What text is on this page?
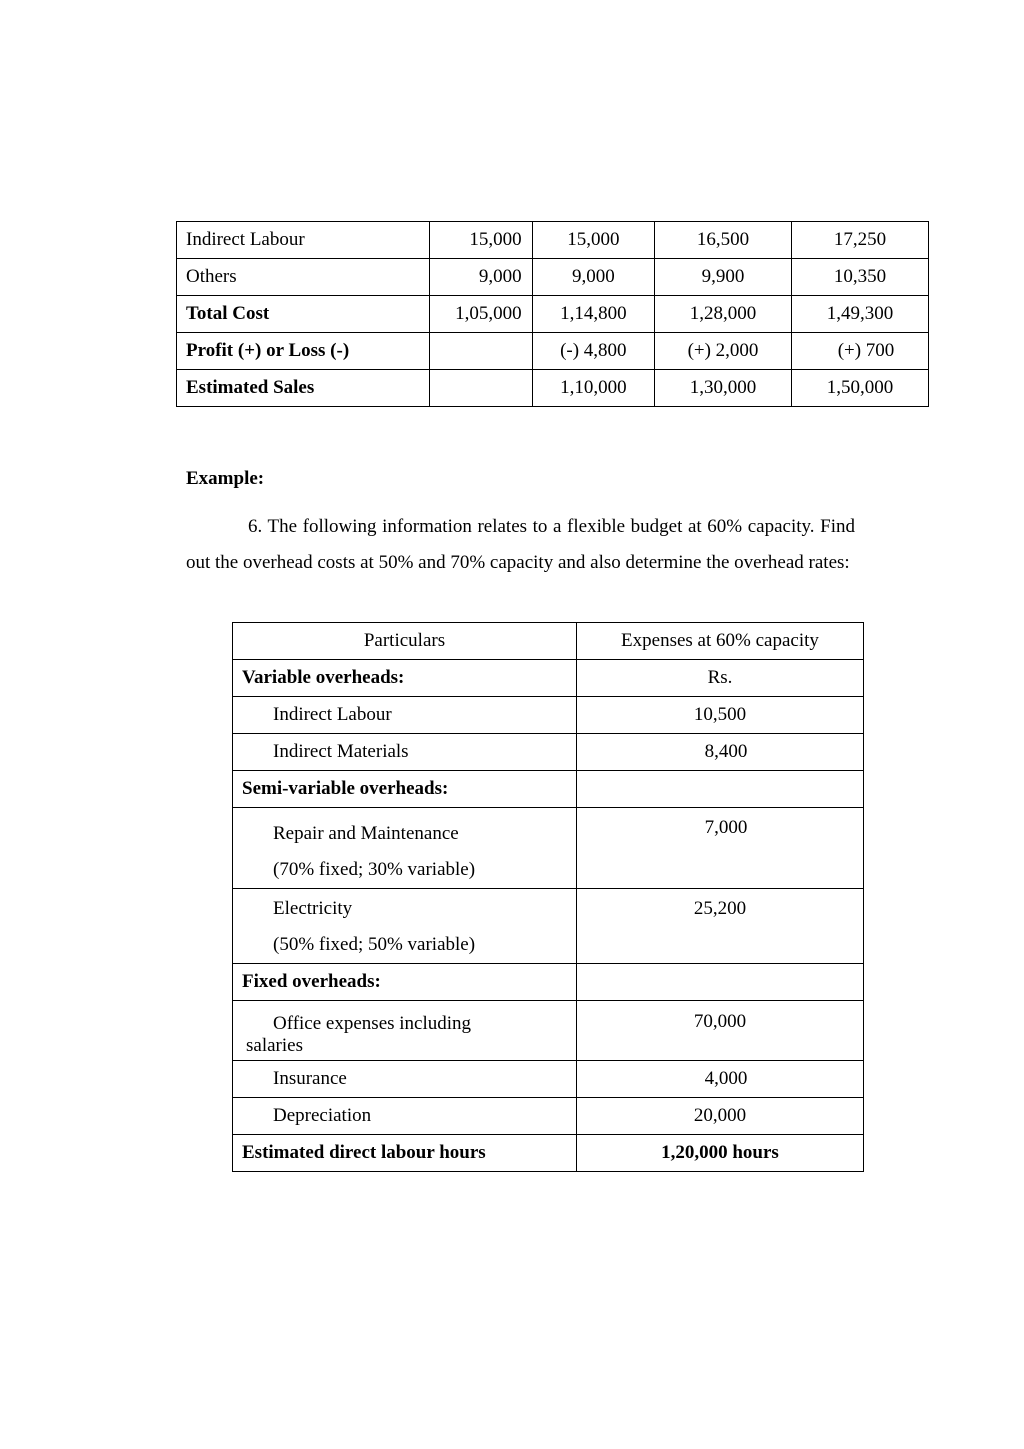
Indirect Labour	15,000	15,000	16,500	17,250
Others	9,000	9,000	9,900	10,350
Total Cost	1,05,000	1,14,800	1,28,000	1,49,300
Profit (+) or Loss (-)		(-) 4,800	(+) 2,000	(+) 700
Estimated Sales		1,10,000	1,30,000	1,50,000
Example:
6. The following information relates to a flexible budget at 60% capacity. Find out the overhead costs at 50% and 70% capacity and also determine the overhead rates:
Particulars	Expenses at 60% capacity
Variable overheads:	Rs.
Indirect Labour	10,500
Indirect Materials	8,400
Semi-variable overheads:	

Repair and Maintenance
(70% fixed; 30% variable)	7,000

Electricity
(50% fixed; 50% variable)	25,200

Fixed overheads:	

Office expenses including
salaries	70,000

Insurance	4,000
Depreciation	20,000
Estimated direct labour hours	1,20,000 hours
